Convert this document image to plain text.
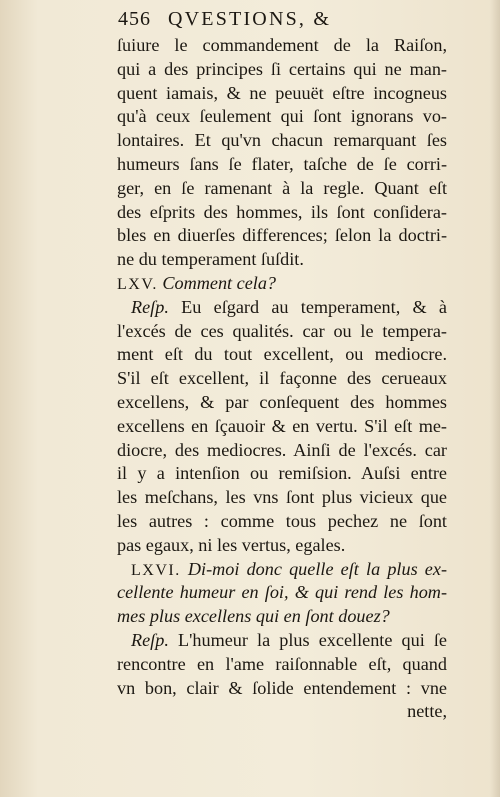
456 QVESTIONS, &
ſuiure le commandement de la Raiſon,
qui a des principes ſi certains qui ne man-
quent iamais, & ne peuuët eſtre incogneus
qu'à ceux ſeulement qui ſont ignorans vo-
lontaires. Et qu'vn chacun remarquant ſes
humeurs ſans ſe flater, taſche de ſe corri-
ger, en ſe ramenant à la regle. Quant eſt
des eſprits des hommes, ils ſont conſidera-
bles en diuerſes differences; ſelon la doctri-
ne du temperament ſuſdit.
LXV. Comment cela?
Reſp. Eu eſgard au temperament, & à
l'excés de ces qualités. car ou le tempera-
ment eſt du tout excellent, ou mediocre.
S'il eſt excellent, il façonne des cerueaux
excellens, & par conſequent des hommes
excellens en ſçauoir & en vertu. S'il eſt me-
diocre, des mediocres. Ainſi de l'excés. car
il y a intenſion ou remiſsion. Auſsi entre
les meſchans, les vns ſont plus vicieux que
les autres : comme tous pechez ne ſont
pas egaux, ni les vertus, egales.
LXVI. Di-moi donc quelle eſt la plus ex-
cellente humeur en ſoi, & qui rend les hom-
mes plus excellens qui en ſont douez?
Reſp. L'humeur la plus excellente qui ſe
rencontre en l'ame raiſonnable eſt, quand
vn bon, clair & ſolide entendement : vne
nette,
